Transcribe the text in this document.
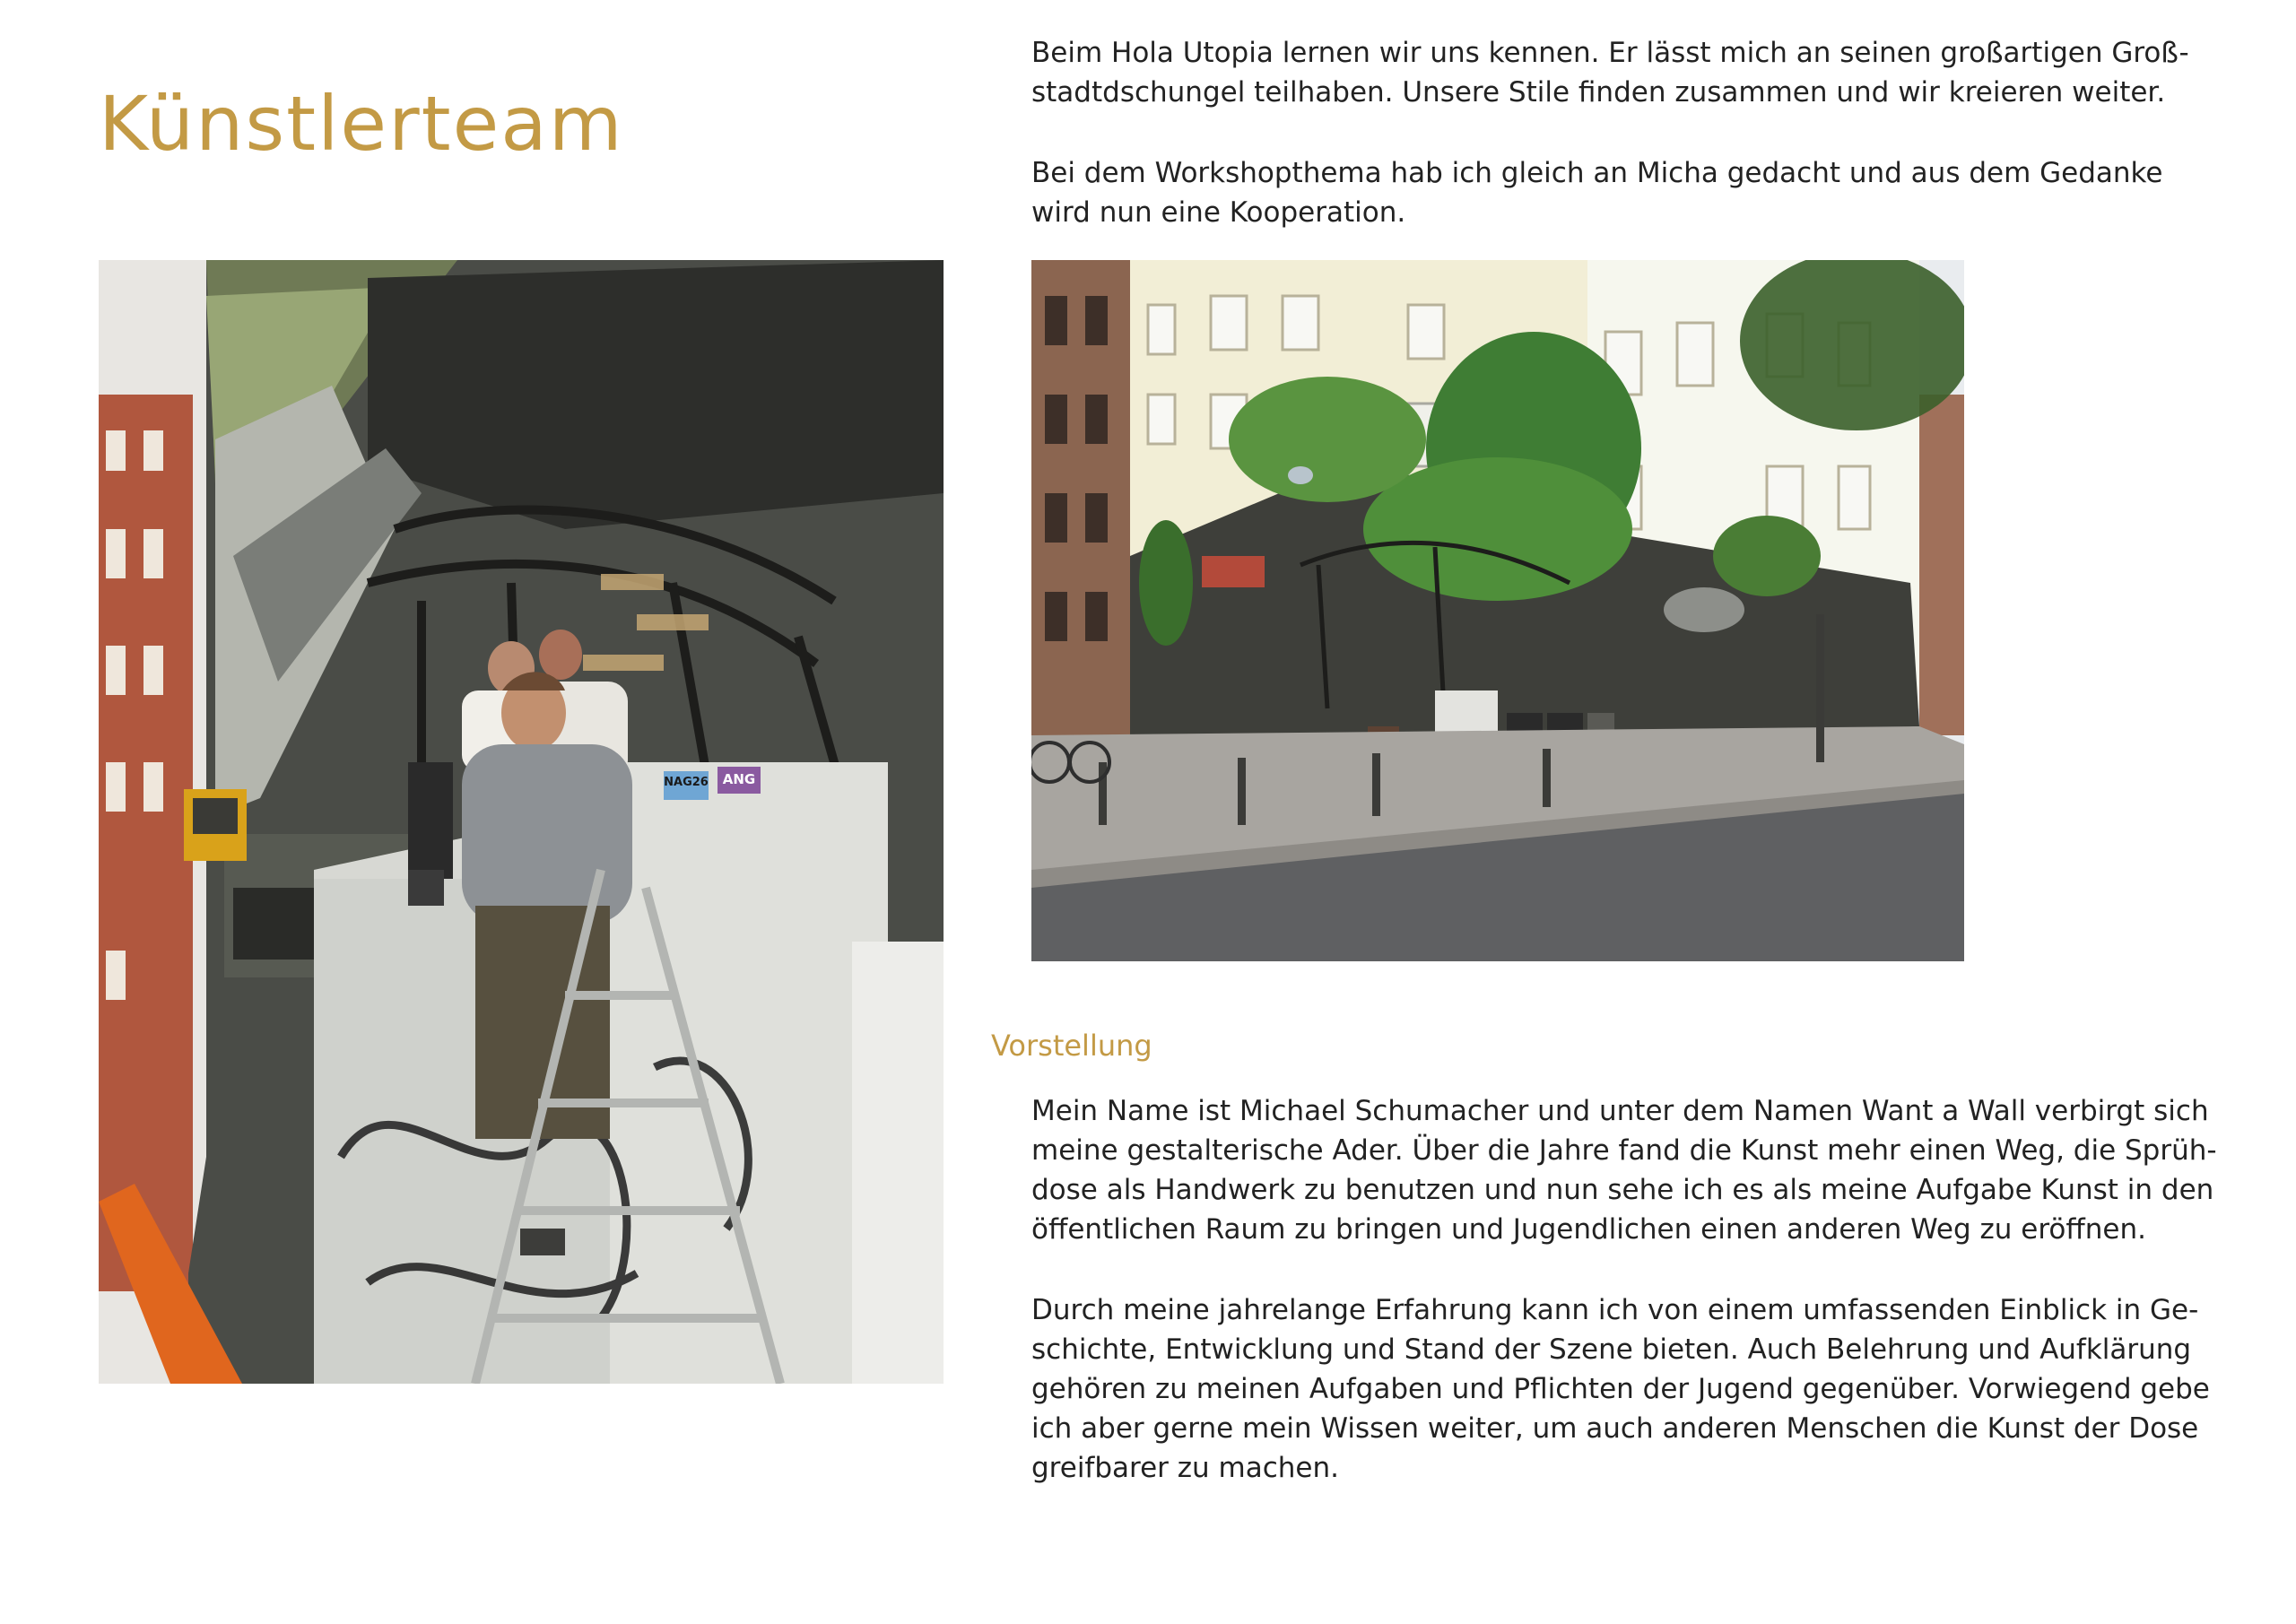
Künstlerteam

Beim Hola Utopia lernen wir uns kennen. Er lässt mich an seinen großartigen Groß-
stadtdschungel teilhaben. Unsere Stile finden zusammen und wir kreieren weiter.

Bei dem Workshopthema hab ich gleich an Micha gedacht und aus dem Gedanke
wird nun eine Kooperation.

NAG26	ANG
Vorstellung

Mein Name ist Michael Schumacher und unter dem Namen Want a Wall verbirgt sich
meine gestalterische Ader. Über die Jahre fand die Kunst mehr einen Weg, die Sprüh-
dose als Handwerk zu benutzen und nun sehe ich es als meine Aufgabe Kunst in den
öffentlichen Raum zu bringen und Jugendlichen einen anderen Weg zu eröffnen.

Durch meine jahrelange Erfahrung kann ich von einem umfassenden Einblick in Ge-
schichte, Entwicklung und Stand der Szene bieten. Auch Belehrung und Aufklärung
gehören zu meinen Aufgaben und Pflichten der Jugend gegenüber. Vorwiegend gebe
ich aber gerne mein Wissen weiter, um auch anderen Menschen die Kunst der Dose
greifbarer zu machen.
